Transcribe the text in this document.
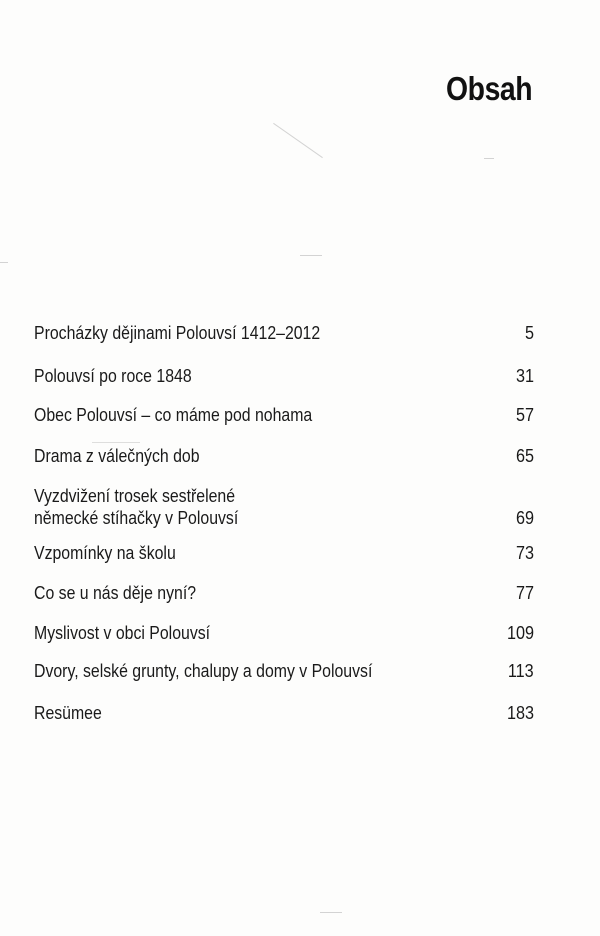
Obsah
Procházky dějinami Polouvsí 1412–2012	5
Polouvsí po roce 1848	31
Obec Polouvsí – co máme pod nohama	57
Drama z válečných dob	65
Vyzdvižení trosek sestřelené
německé stíhačky v Polouvsí	69
Vzpomínky na školu	73
Co se u nás děje nyní?	77
Myslivost v obci Polouvsí	109
Dvory, selské grunty, chalupy a domy v Polouvsí	113
Resümee	183
